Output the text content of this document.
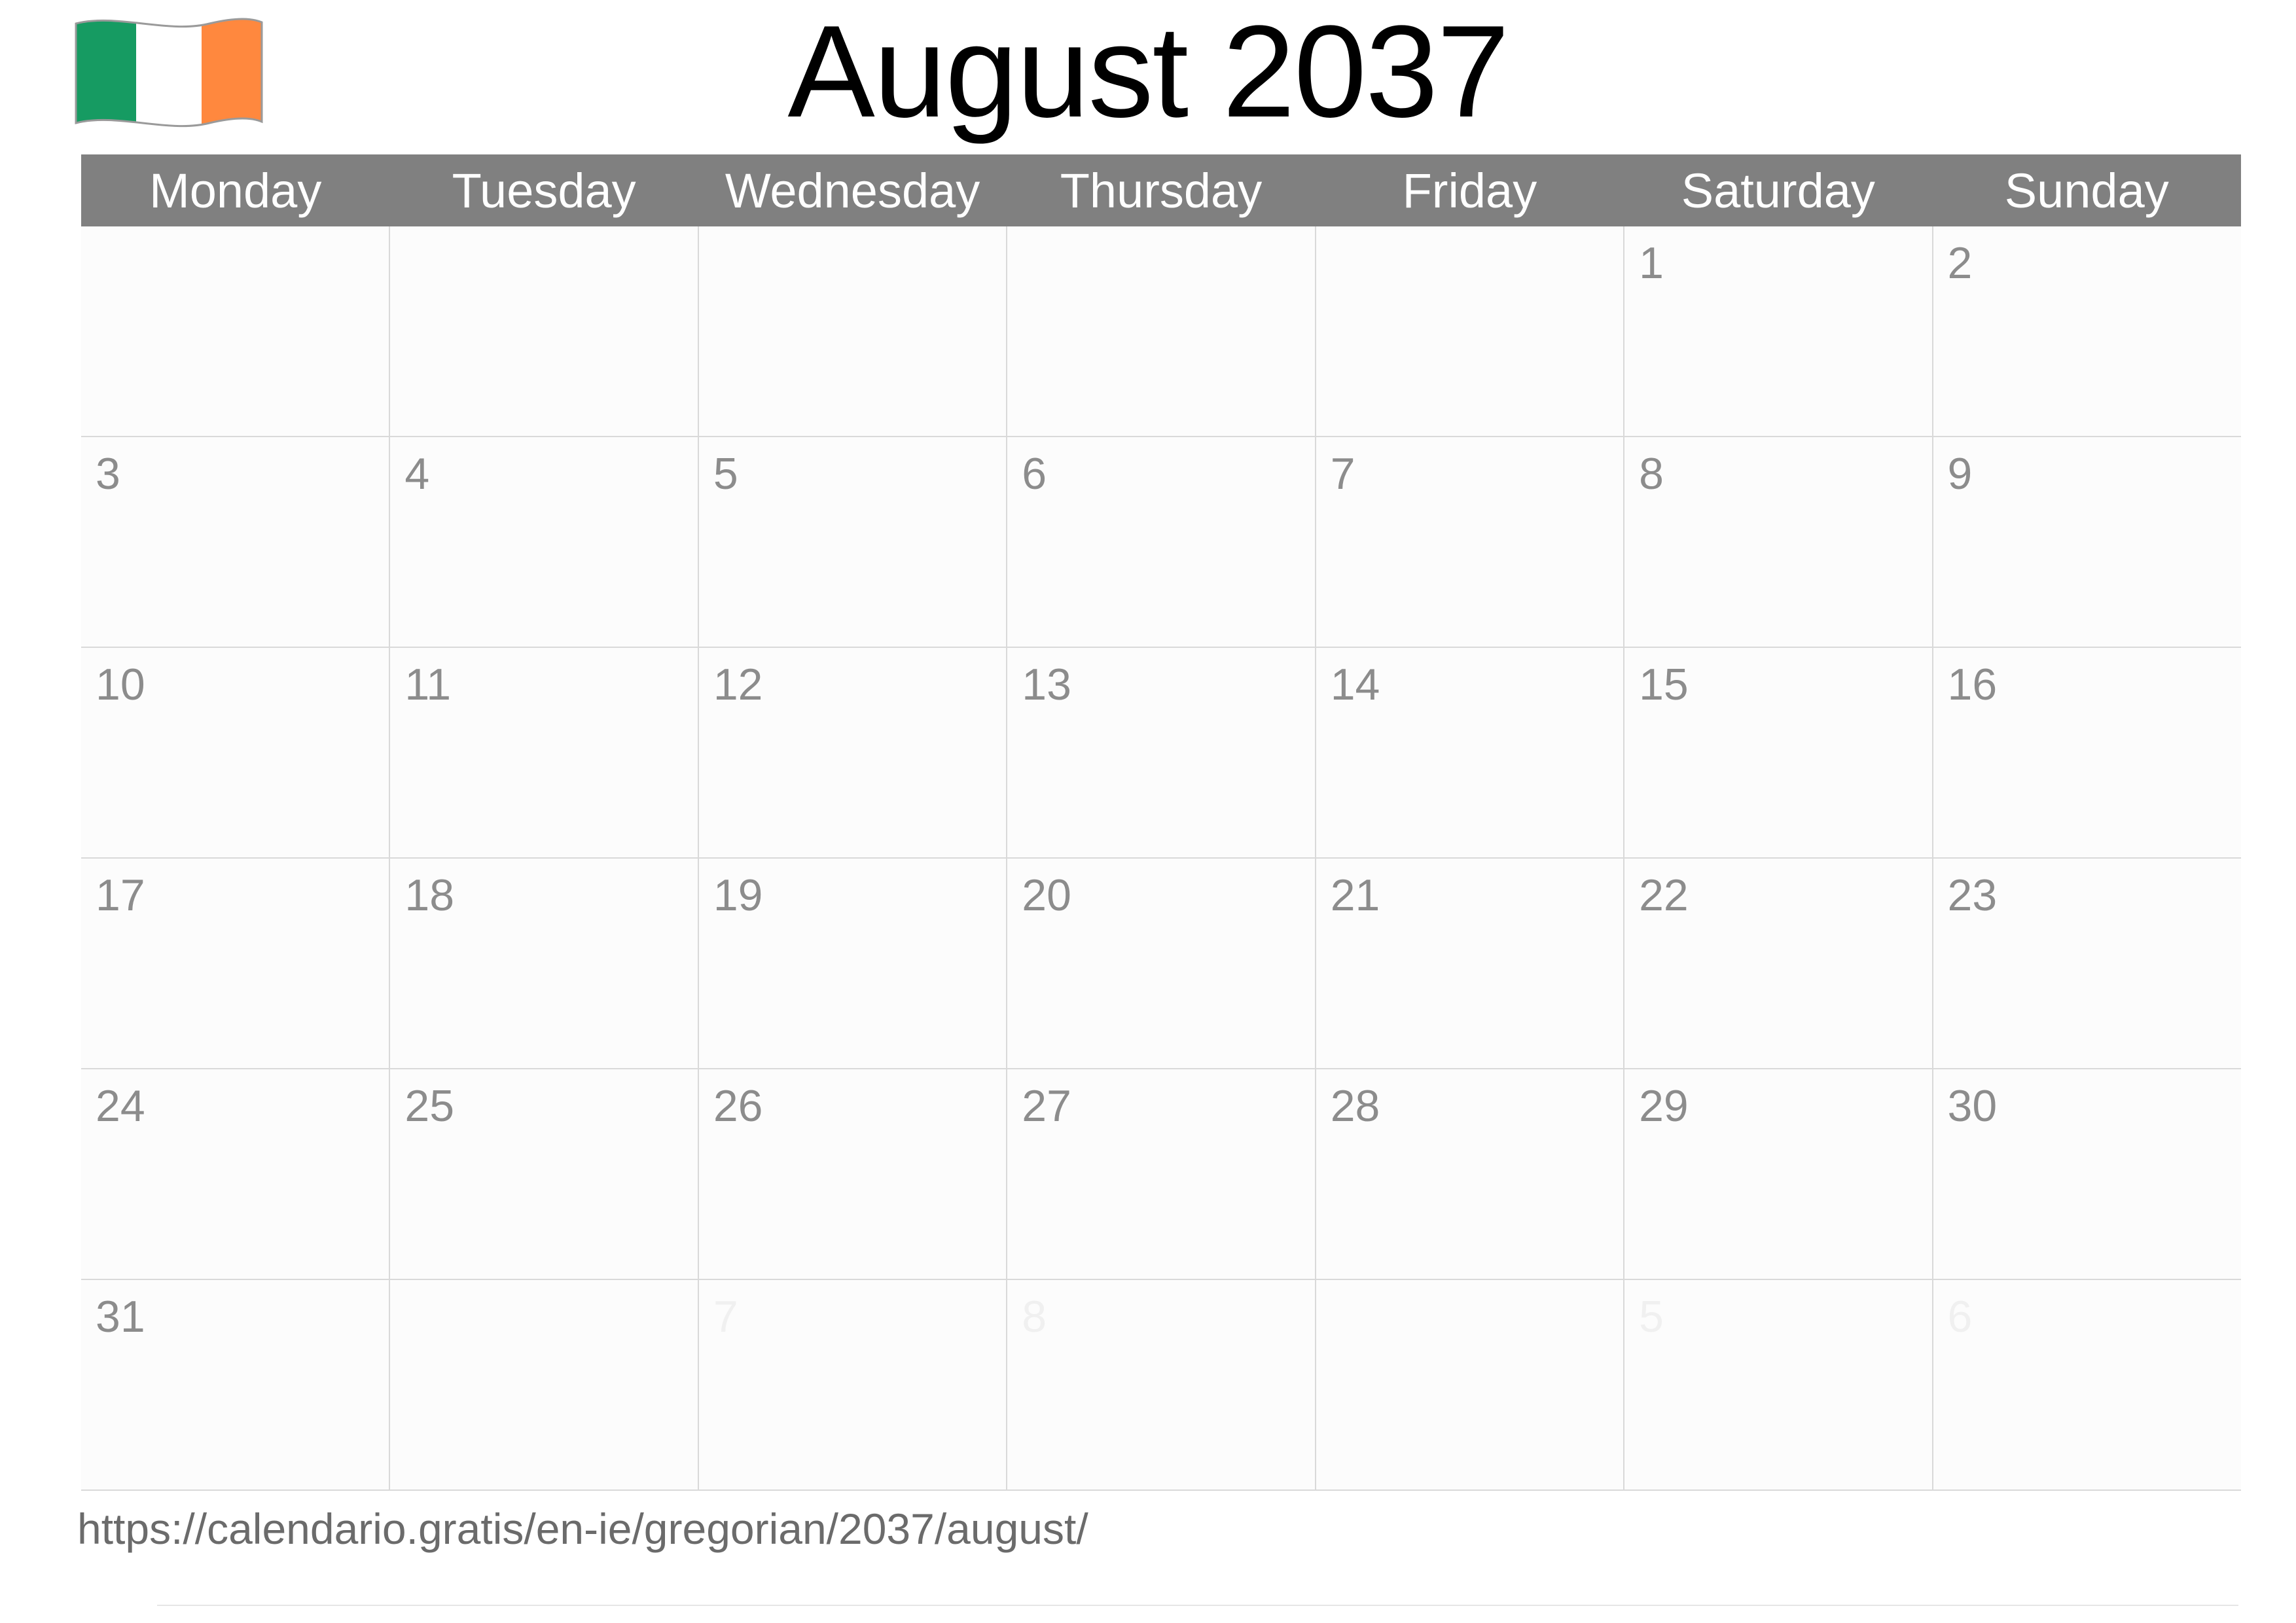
August 2037
Monday	Tuesday	Wednesday	Thursday	Friday	Saturday	Sunday

					1	2

3	4	5	6	7	8	9

10	11	12	13	14	15	16

17	18	19	20	21	22	23

24	25	26	27	28	29	30

31		7	8		5	6
https://calendario.gratis/en-ie/gregorian/2037/august/
